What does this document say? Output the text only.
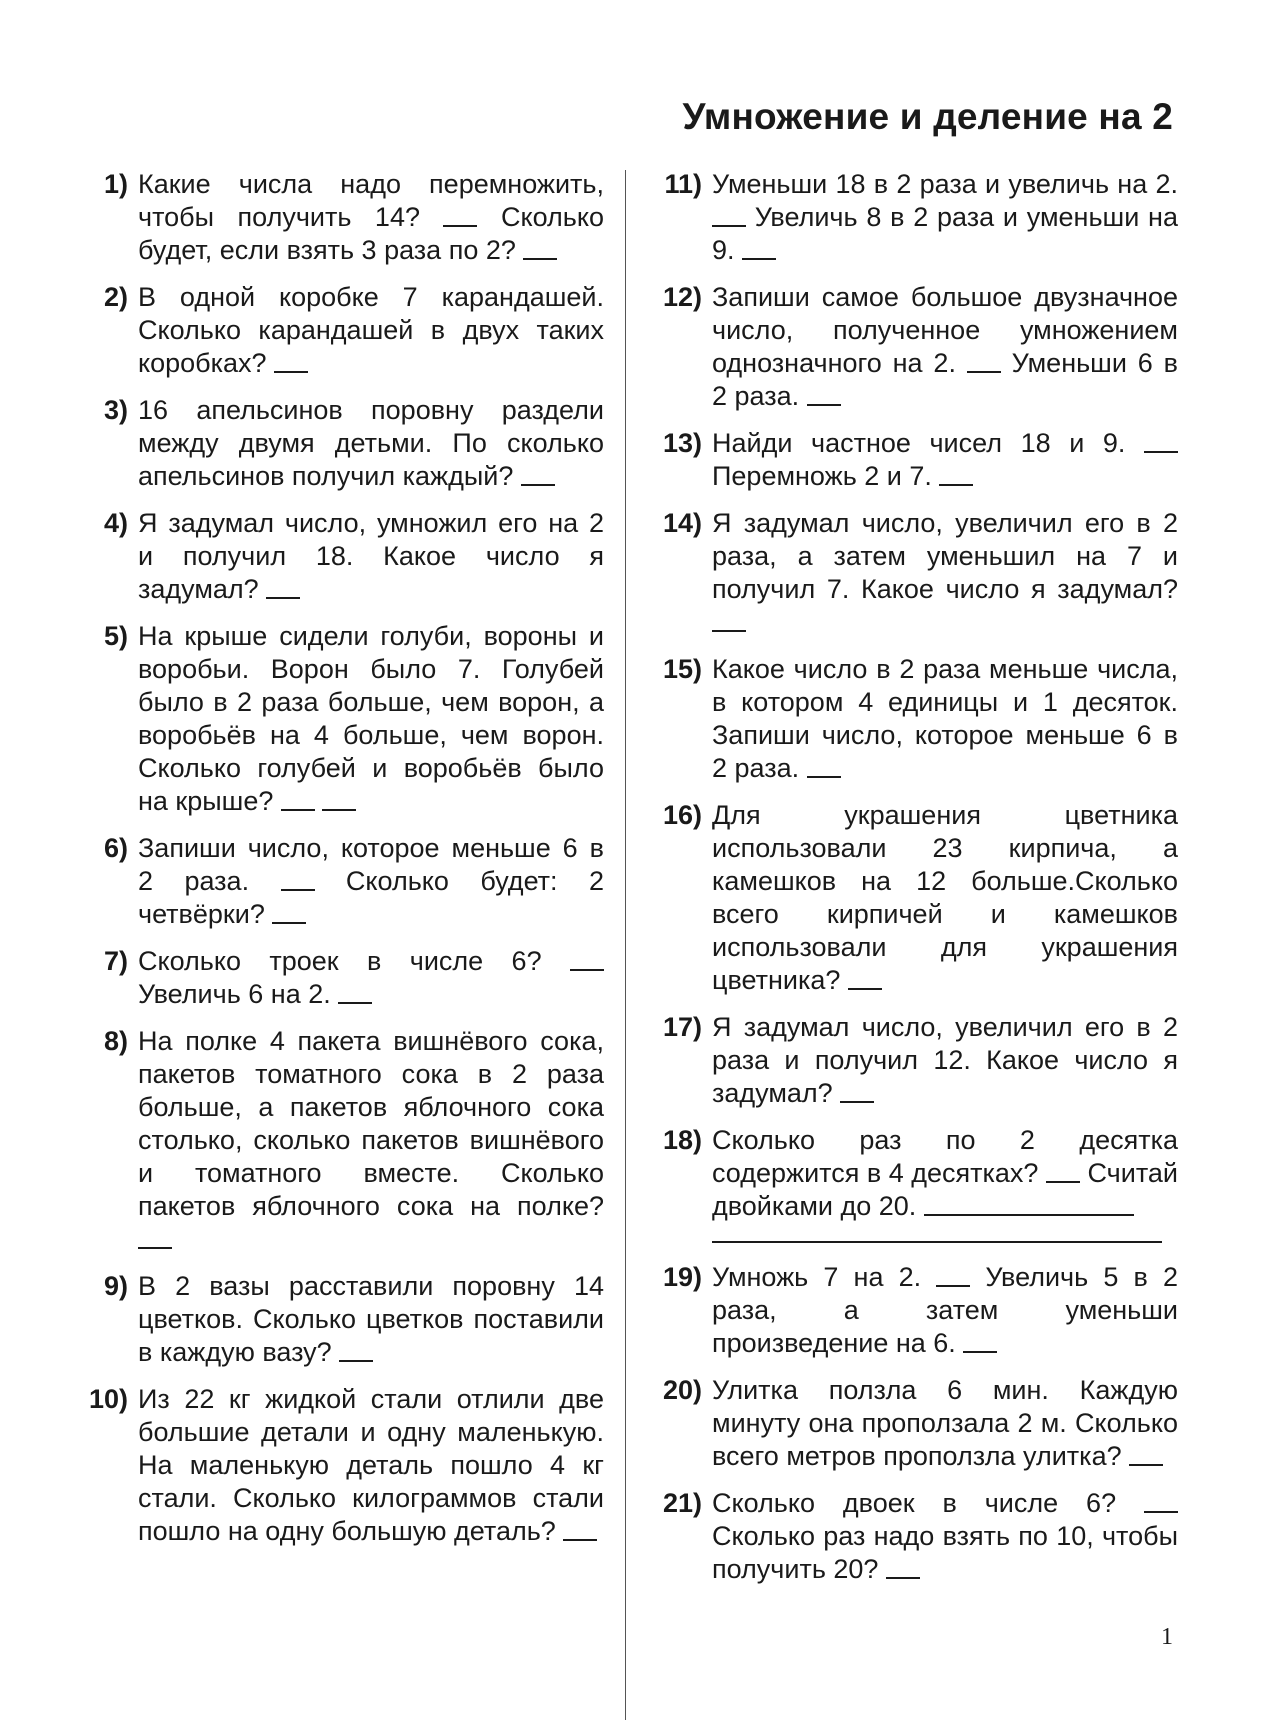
Умножение и деление на 2
1) Какие числа надо перемножить, чтобы получить 14?  Сколько будет, если взять 3 раза по 2?
2) В одной коробке 7 карандашей. Сколько карандашей в двух таких коробках?
3) 16 апельсинов поровну раздели между двумя детьми. По сколько апельсинов получил каждый?
4) Я задумал число, умножил его на 2 и получил 18. Какое число я задумал?
5) На крыше сидели голуби, вороны и воробьи. Ворон было 7. Голубей было в 2 раза больше, чем ворон, а воробьёв на 4 больше, чем ворон. Сколько голубей и воробьёв было на крыше?
6) Запиши число, которое меньше 6 в 2 раза.  Сколько будет: 2 четвёрки?
7) Сколько троек в числе 6?  Увеличь 6 на 2.
8) На полке 4 пакета вишнёвого сока, пакетов томатного сока в 2 раза больше, а пакетов яблочного сока столько, сколько пакетов вишнёвого и томатного вместе. Сколько пакетов яблочного сока на полке?
9) В 2 вазы расставили поровну 14 цветков. Сколько цветков поставили в каждую вазу?
10) Из 22 кг жидкой стали отлили две большие детали и одну маленькую. На маленькую деталь пошло 4 кг стали. Сколько килограммов стали пошло на одну большую деталь?
11) Уменьши 18 в 2 раза и увеличь на 2.  Увеличь 8 в 2 раза и уменьши на 9.
12) Запиши самое большое двузначное число, полученное умножением однозначного на 2.  Уменьши 6 в 2 раза.
13) Найди частное чисел 18 и 9.  Перемножь 2 и 7.
14) Я задумал число, увеличил его в 2 раза, а затем уменьшил на 7 и получил 7. Какое число я задумал?
15) Какое число в 2 раза меньше числа, в котором 4 единицы и 1 десяток. Запиши число, которое меньше 6 в 2 раза.
16) Для украшения цветника использовали 23 кирпича, а камешков на 12 больше.Сколько всего кирпичей и камешков использовали для украшения цветника?
17) Я задумал число, увеличил его в 2 раза и получил 12. Какое число я задумал?
18) Сколько раз по 2 десятка содержится в 4 десятках?  Считай двойками до 20.
19) Умножь 7 на 2.  Увеличь 5 в 2 раза, а затем уменьши произведение на 6.
20) Улитка ползла 6 мин. Каждую минуту она проползала 2 м. Сколько всего метров проползла улитка?
21) Сколько двоек в числе 6?  Сколько раз надо взять по 10, чтобы получить 20?
1
